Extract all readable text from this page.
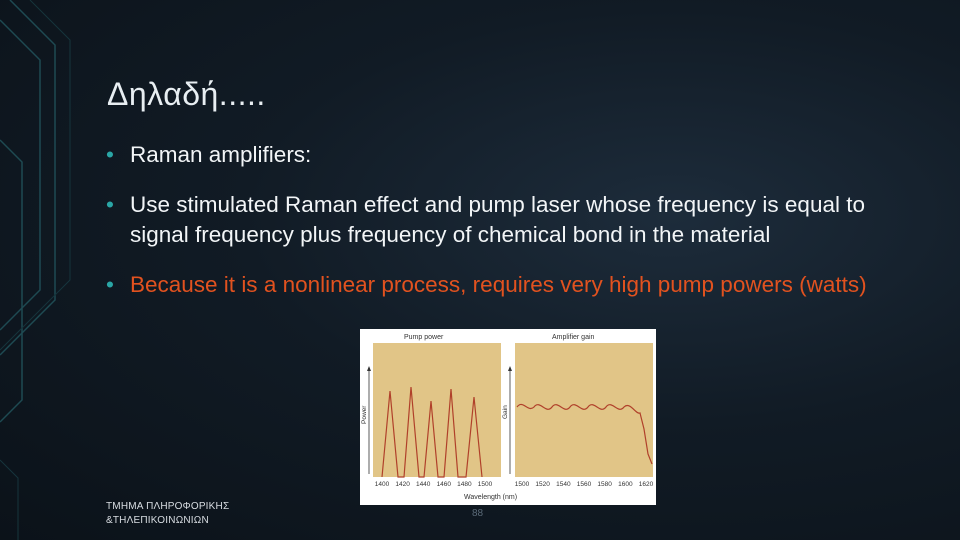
Δηλαδή.....
• Raman amplifiers:
• Use stimulated Raman effect and pump laser whose frequency is equal to signal frequency plus frequency of chemical bond in the material
• Because it is a nonlinear process, requires very high pump powers (watts)
Pump power	Amplifier gain
Power	Gain
1400 1420 1440 1460 1480 1500	1500 1520 1540 1560 1580 1600 1620
Wavelength (nm)
ΤΜΗΜΑ ΠΛΗΡΟΦΟΡΙΚΗΣ
&ΤΗΛΕΠΙΚΟΙΝΩΝΙΩΝ
88
